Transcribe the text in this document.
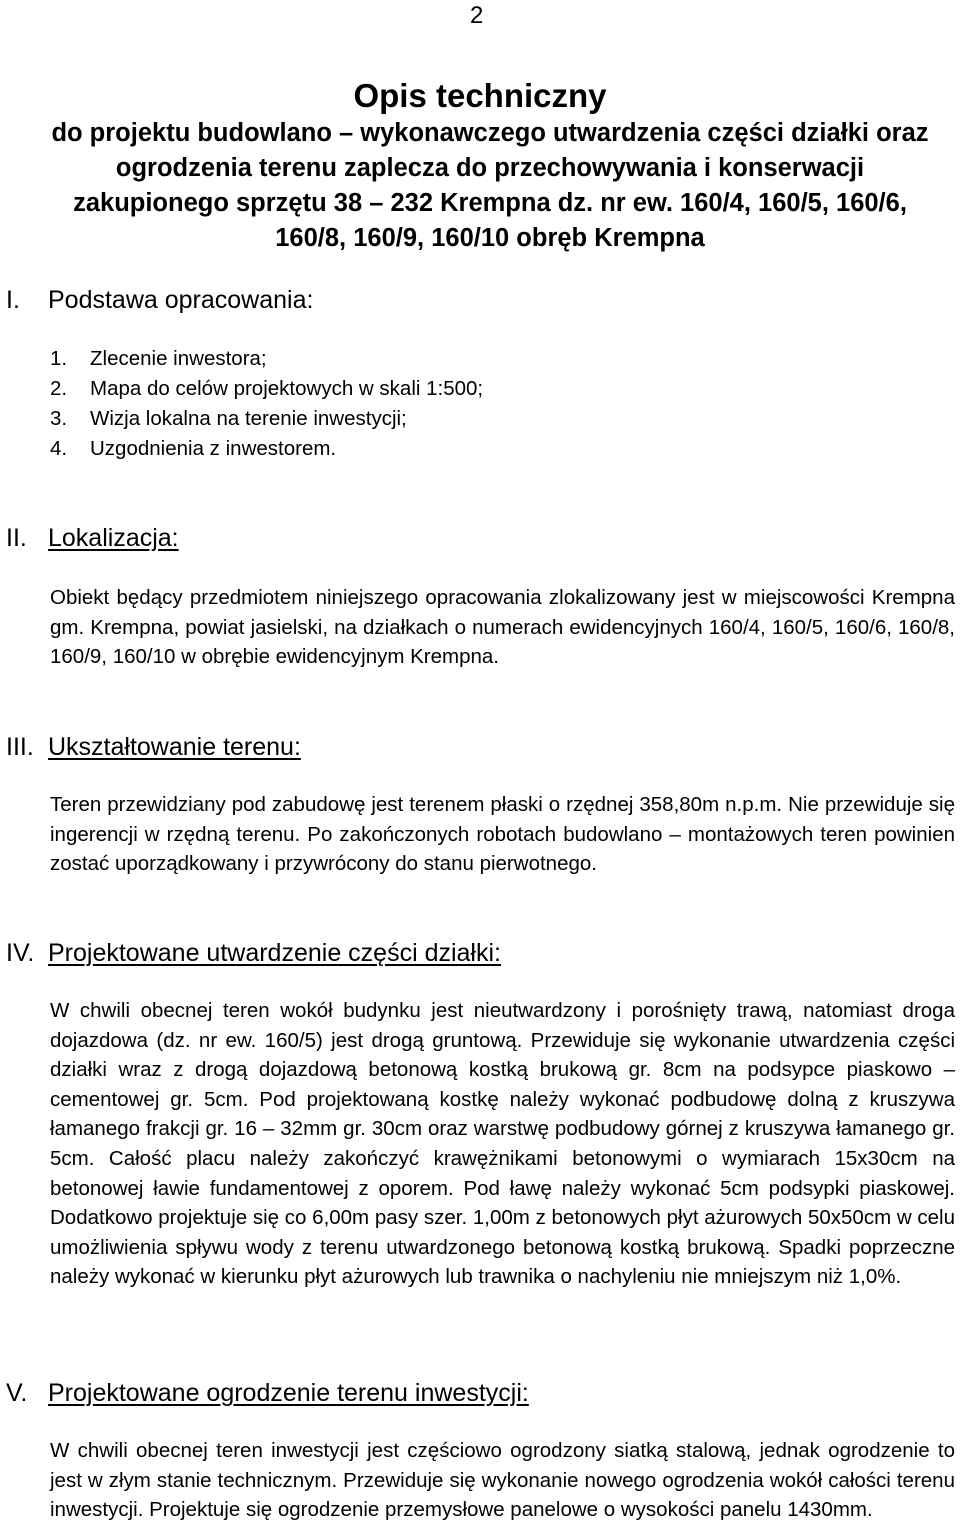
2
Opis techniczny
do projektu budowlano – wykonawczego utwardzenia części działki oraz ogrodzenia terenu zaplecza do przechowywania i konserwacji zakupionego sprzętu 38 – 232 Krempna dz. nr ew. 160/4, 160/5, 160/6, 160/8, 160/9, 160/10 obręb Krempna
I. Podstawa opracowania:
1. Zlecenie inwestora;
2. Mapa do celów projektowych w skali 1:500;
3. Wizja lokalna na terenie inwestycji;
4. Uzgodnienia z inwestorem.
II. Lokalizacja:

Obiekt będący przedmiotem niniejszego opracowania zlokalizowany jest w miejscowości Krempna gm. Krempna, powiat jasielski, na działkach o numerach ewidencyjnych 160/4, 160/5, 160/6, 160/8, 160/9, 160/10 w obrębie ewidencyjnym Krempna.

III. Ukształtowanie terenu:

Teren przewidziany pod zabudowę jest terenem płaski o rzędnej 358,80m n.p.m. Nie przewiduje się ingerencji w rzędną terenu. Po zakończonych robotach budowlano – montażowych teren powinien zostać uporządkowany i przywrócony do stanu pierwotnego.

IV. Projektowane utwardzenie części działki:

W chwili obecnej teren wokół budynku jest nieutwardzony i porośnięty trawą, natomiast droga dojazdowa (dz. nr ew. 160/5) jest drogą gruntową. Przewiduje się wykonanie utwardzenia części działki wraz z drogą dojazdową betonową kostką brukową gr. 8cm na podsypce piaskowo – cementowej gr. 5cm. Pod projektowaną kostkę należy wykonać podbudowę dolną z kruszywa łamanego frakcji gr. 16 – 32mm gr. 30cm oraz warstwę podbudowy górnej z kruszywa łamanego gr. 5cm. Całość placu należy zakończyć krawężnikami betonowymi o wymiarach 15x30cm na betonowej ławie fundamentowej z oporem. Pod ławę należy wykonać 5cm podsypki piaskowej. Dodatkowo projektuje się co 6,00m pasy szer. 1,00m z betonowych płyt ażurowych 50x50cm w celu umożliwienia spływu wody z terenu utwardzonego betonową kostką brukową. Spadki poprzeczne należy wykonać w kierunku płyt ażurowych lub trawnika o nachyleniu nie mniejszym niż 1,0%.

V. Projektowane ogrodzenie terenu inwestycji:

W chwili obecnej teren inwestycji jest częściowo ogrodzony siatką stalową, jednak ogrodzenie to jest w złym stanie technicznym. Przewiduje się wykonanie nowego ogrodzenia wokół całości terenu inwestycji. Projektuje się ogrodzenie przemysłowe panelowe o wysokości panelu 1430mm.
